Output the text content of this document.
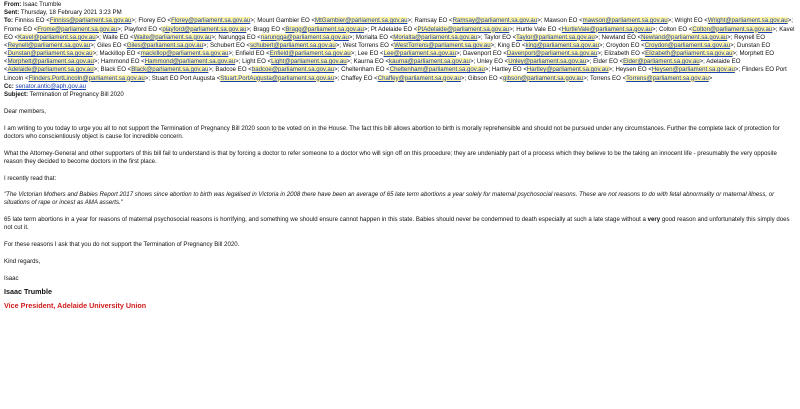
From: Isaac Trumble
Sent: Thursday, 18 February 2021 3:23 PM
To: Finniss EO <Finniss@parliament.sa.gov.au>; Florey EO <Florey@parliament.sa.gov.au>; Mount Gambier EO <MtGambier@parliament.sa.gov.au>; Ramsay EO <Ramsay@parliament.sa.gov.au>; Mawson EO <mawson@parliament.sa.gov.au>; Wright EO <Wright@parliament.sa.gov.au>; Frome EO <Frome@parliament.sa.gov.au>; Playford EO <playford@parliament.sa.gov.au>; Bragg EO <Bragg@parliament.sa.gov.au>; Pt Adelaide EO <PtAdelaide@parliament.sa.gov.au>; Hurtle Vale EO <HurtleVale@parliament.sa.gov.au>; Colton EO <Colton@parliament.sa.gov.au>; Kavel EO <Kavel@parliament.sa.gov.au>; Waite EO <Waite@parliament.sa.gov.au>; Narungga EO <narungga@parliament.sa.gov.au>; Morialta EO <Morialta@parliament.sa.gov.au>; Taylor EO <Taylor@parliament.sa.gov.au>; Newland EO <Newland@parliament.sa.gov.au>; Reynell EO <Reynell@parliament.sa.gov.au>; Giles EO <Giles@parliament.sa.gov.au>; Schubert EO <schubert@parliament.sa.gov.au>; West Torrens EO <WestTorrens@parliament.sa.gov.au>; King EO <king@parliament.sa.gov.au>; Croydon EO <Croydon@parliament.sa.gov.au>; Dunstan EO <Dunstan@parliament.sa.gov.au>; Mackillop EO <mackillop@parliament.sa.gov.au>; Enfield EO <Enfield@parliament.sa.gov.au>; Lee EO <Lee@parliament.sa.gov.au>; Davenport EO <Davenport@parliament.sa.gov.au>; Elizabeth EO <Elizabeth@parliament.sa.gov.au>; Morphett EO <Morphett@parliament.sa.gov.au>; Hammond EO <Hammond@parliament.sa.gov.au>; Light EO <Light@parliament.sa.gov.au>; Kaurna EO <kaurna@parliament.sa.gov.au>; Unley EO <Unley@parliament.sa.gov.au>; Elder EO <Elder@parliament.sa.gov.au>; Adelaide EO <Adelaide@parliament.sa.gov.au>; Black EO <Black@parliament.sa.gov.au>; Badcoe EO <badcoe@parliament.sa.gov.au>; Cheltenham EO <Cheltenham@parliament.sa.gov.au>; Hartley EO <Hartley@parliament.sa.gov.au>; Heysen EO <Heysen@parliament.sa.gov.au>; Flinders EO Port Lincoln <Flinders.PortLincoln@parliament.sa.gov.au>; Stuart EO Port Augusta <Stuart.PortAugusta@parliament.sa.gov.au>; Chaffey EO <Chaffey@parliament.sa.gov.au>; Gibson EO <gibson@parliament.sa.gov.au>; Torrens EO <Torrens@parliament.sa.gov.au>
Cc: senator.antic@aph.gov.au
Subject: Termination of Pregnancy Bill 2020

Dear members,

I am writing to you today to urge you all to not support the Termination of Pregnancy Bill 2020 soon to be voted on in the House. The fact this bill allows abortion to birth is morally reprehensible and should not be pursued under any circumstances. Further the complete lack of protection for doctors who conscientiously object is cause for incredible concern.

What the Attorney-General and other supporters of this bill fail to understand is that by forcing a doctor to refer someone to a doctor who will sign off on this procedure; they are undeniably part of a process which they believe to be the taking an innocent life - presumably the very opposite reason they decided to become doctors in the first place.

I recently read that:

"The Victorian Mothers and Babies Report 2017 shows since abortion to birth was legalised in Victoria in 2008 there have been an average of 65 late term abortions a year solely for maternal psychosocial reasons. These are not reasons to do with fetal abnormality or maternal illness, or situations of rape or incest as AMA asserts."

65 late term abortions in a year for reasons of maternal psychosocial reasons is horrifying, and something we should ensure cannot happen in this state. Babies should never be condemned to death especially at such a late stage without a very good reason and unfortunately this simply does not cut it.

For these reasons I ask that you do not support the Termination of Pregnancy Bill 2020.

Kind regards,

Isaac

Isaac Trumble
Vice President, Adelaide University Union
